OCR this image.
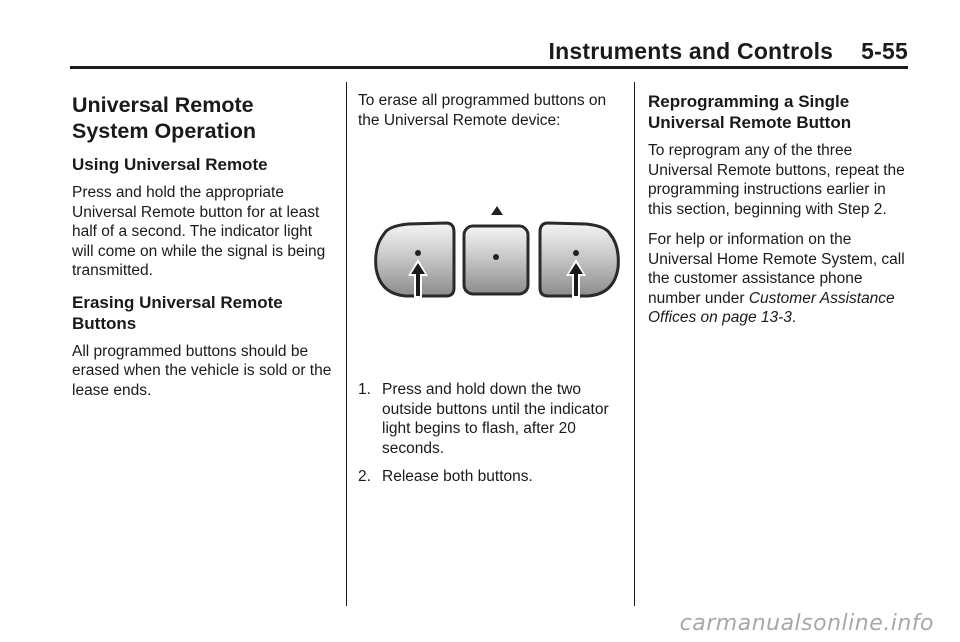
Instruments and Controls 5-55
Universal Remote System Operation
Using Universal Remote

Press and hold the appropriate Universal Remote button for at least half of a second. The indicator light will come on while the signal is being transmitted.

Erasing Universal Remote Buttons

All programmed buttons should be erased when the vehicle is sold or the lease ends.

To erase all programmed buttons on the Universal Remote device:

1. Press and hold down the two outside buttons until the indicator light begins to flash, after 20 seconds.
2. Release both buttons.
Reprogramming a Single Universal Remote Button

To reprogram any of the three Universal Remote buttons, repeat the programming instructions earlier in this section, beginning with Step 2.

For help or information on the Universal Home Remote System, call the customer assistance phone number under Customer Assistance Offices on page 13-3.

carmanualsonline.info
